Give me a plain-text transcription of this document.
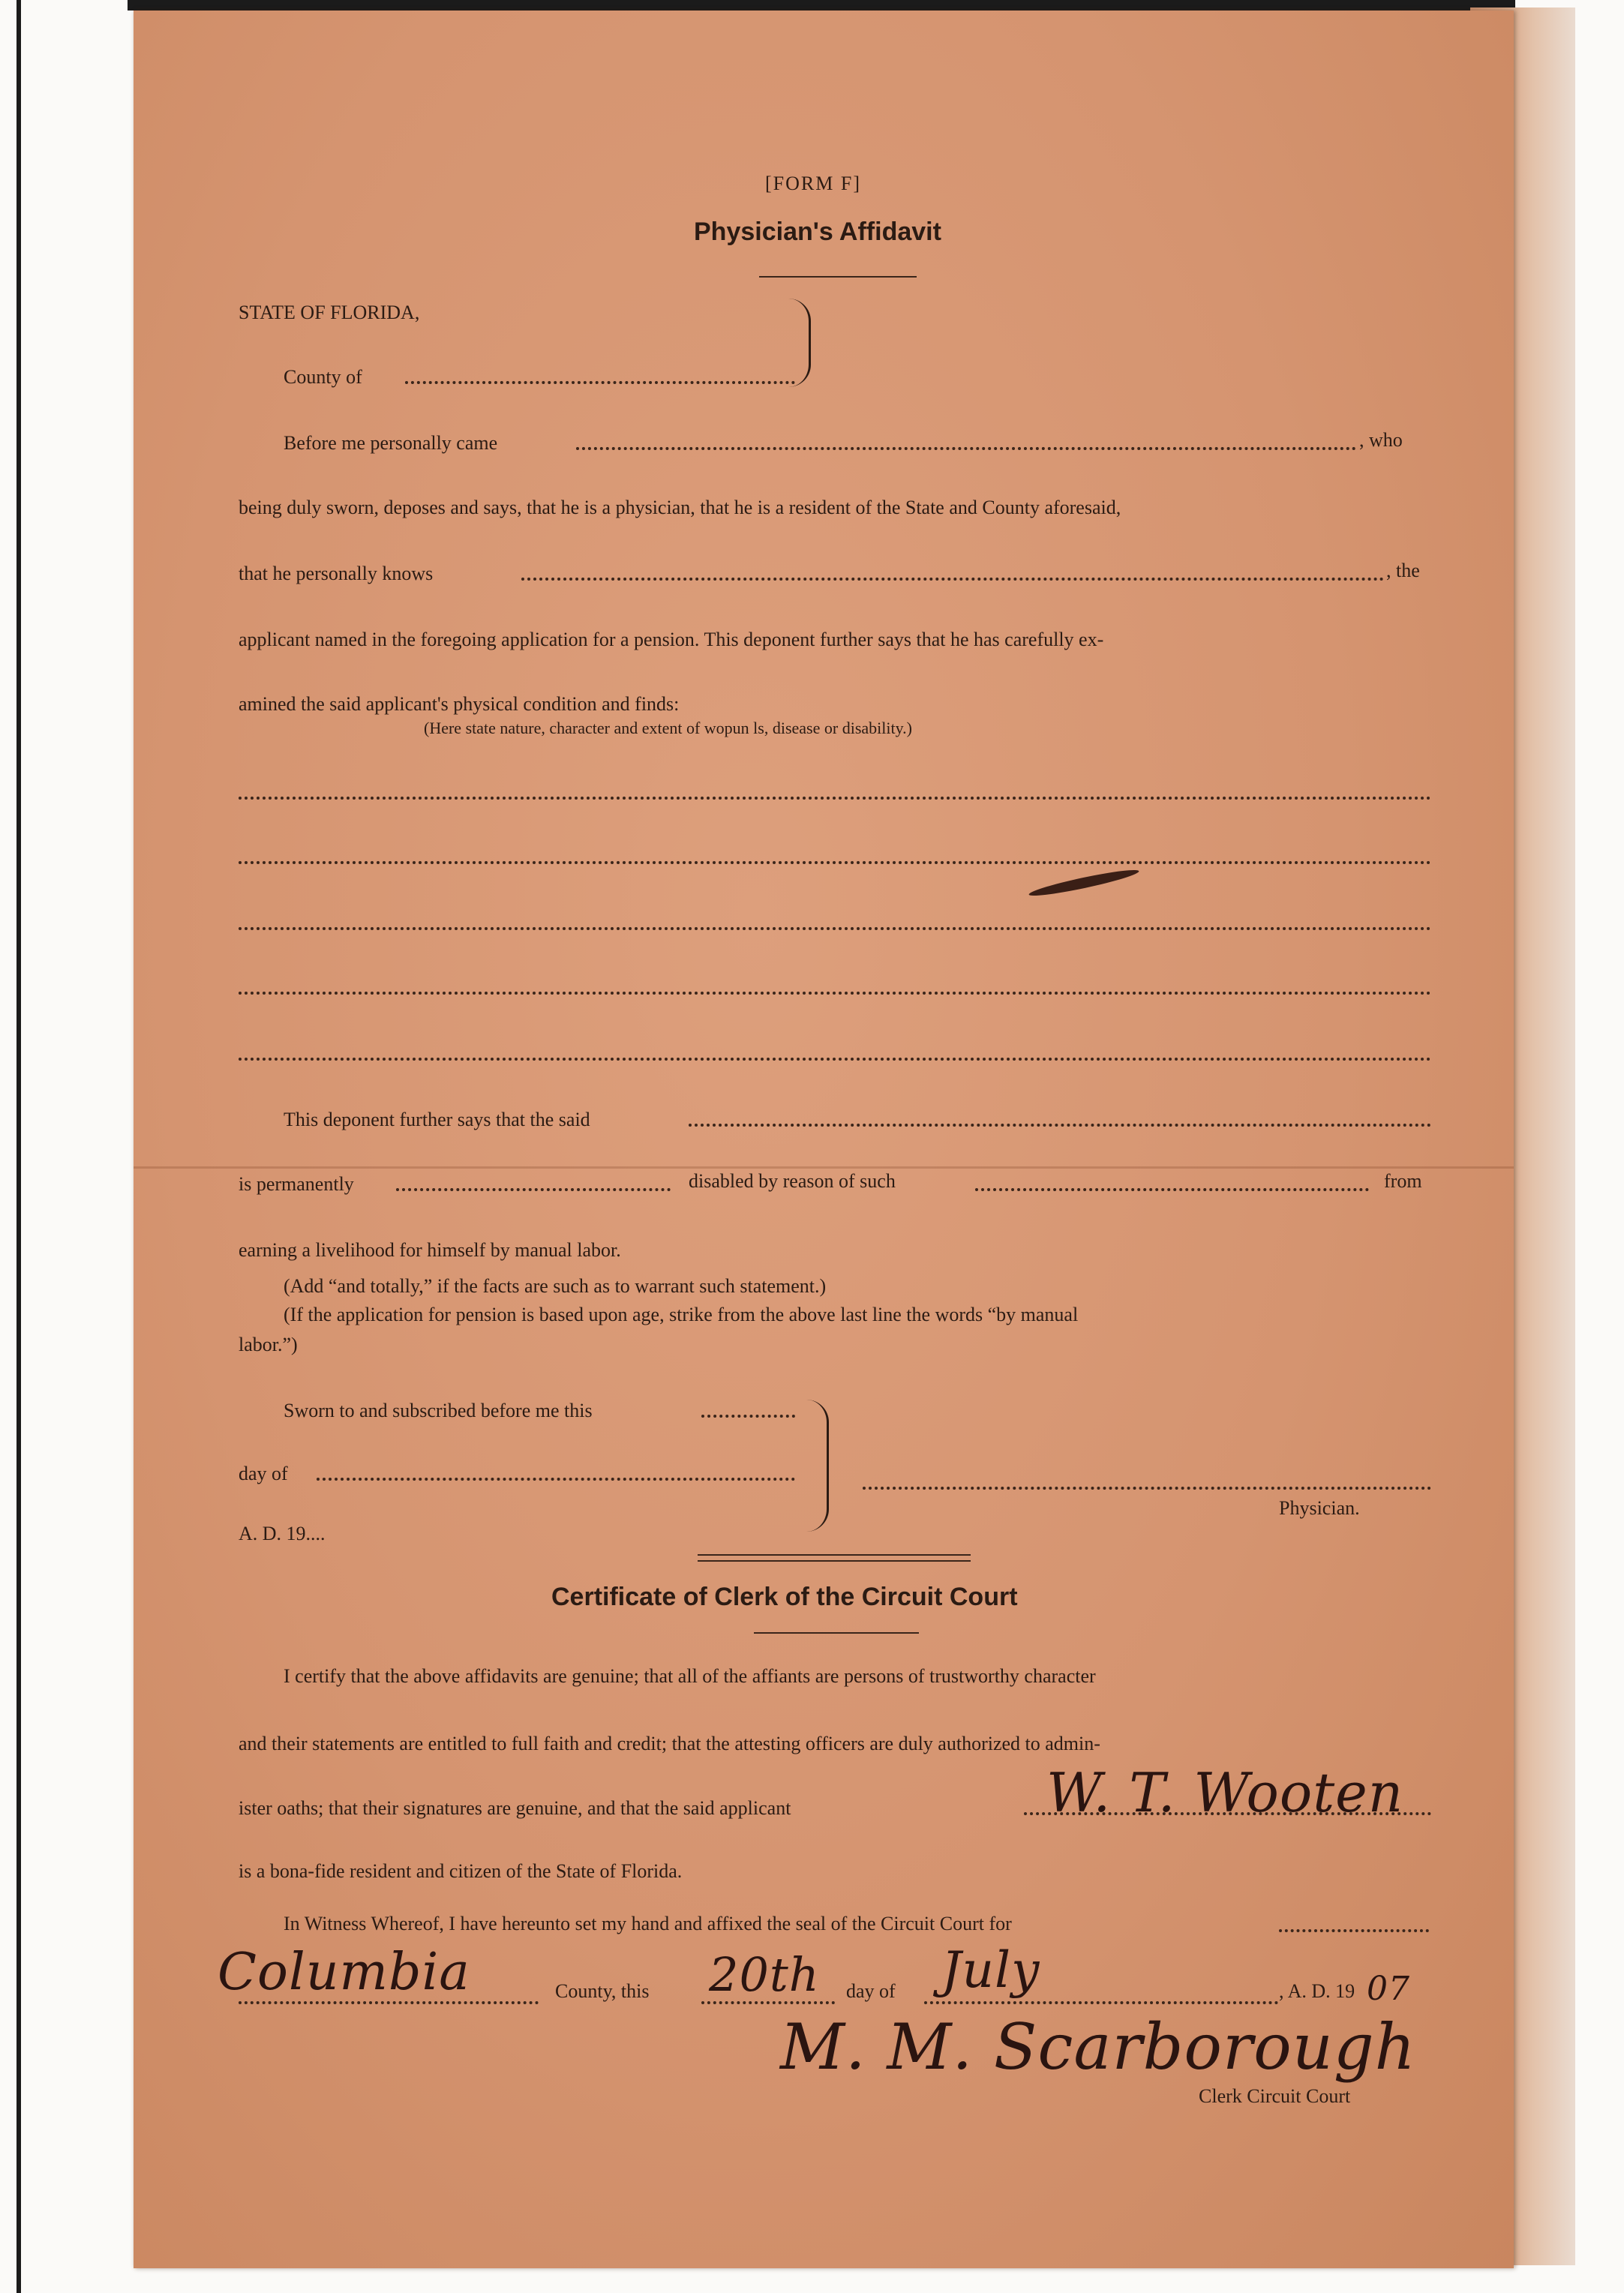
[FORM F]
Physician's Affidavit
STATE OF FLORIDA,
County of
Before me personally came	, who
being duly sworn, deposes and says, that he is a physician, that he is a resident of the State and County aforesaid,
that he personally knows	, the
applicant named in the foregoing application for a pension. This deponent further says that he has carefully ex-
amined the said applicant's physical condition and finds:
(Here state nature, character and extent of wopun ls, disease or disability.)
This deponent further says that the said
is permanently	disabled by reason of such	from
earning a livelihood for himself by manual labor.
(Add “and totally,” if the facts are such as to warrant such statement.)
(If the application for pension is based upon age, strike from the above last line the words “by manual
labor.”)
Sworn to and subscribed before me this
day of
A. D. 19....
Physician.
Certificate of Clerk of the Circuit Court
I certify that the above affidavits are genuine; that all of the affiants are persons of trustworthy character
and their statements are entitled to full faith and credit; that the attesting officers are duly authorized to admin-
ister oaths; that their signatures are genuine, and that the said applicant	W. T. Wooten
is a bona-fide resident and citizen of the State of Florida.
In Witness Whereof, I have hereunto set my hand and affixed the seal of the Circuit Court for
Columbia	County, this 20th day of July	, A. D. 19 07
M. M. Scarborough
Clerk Circuit Court
